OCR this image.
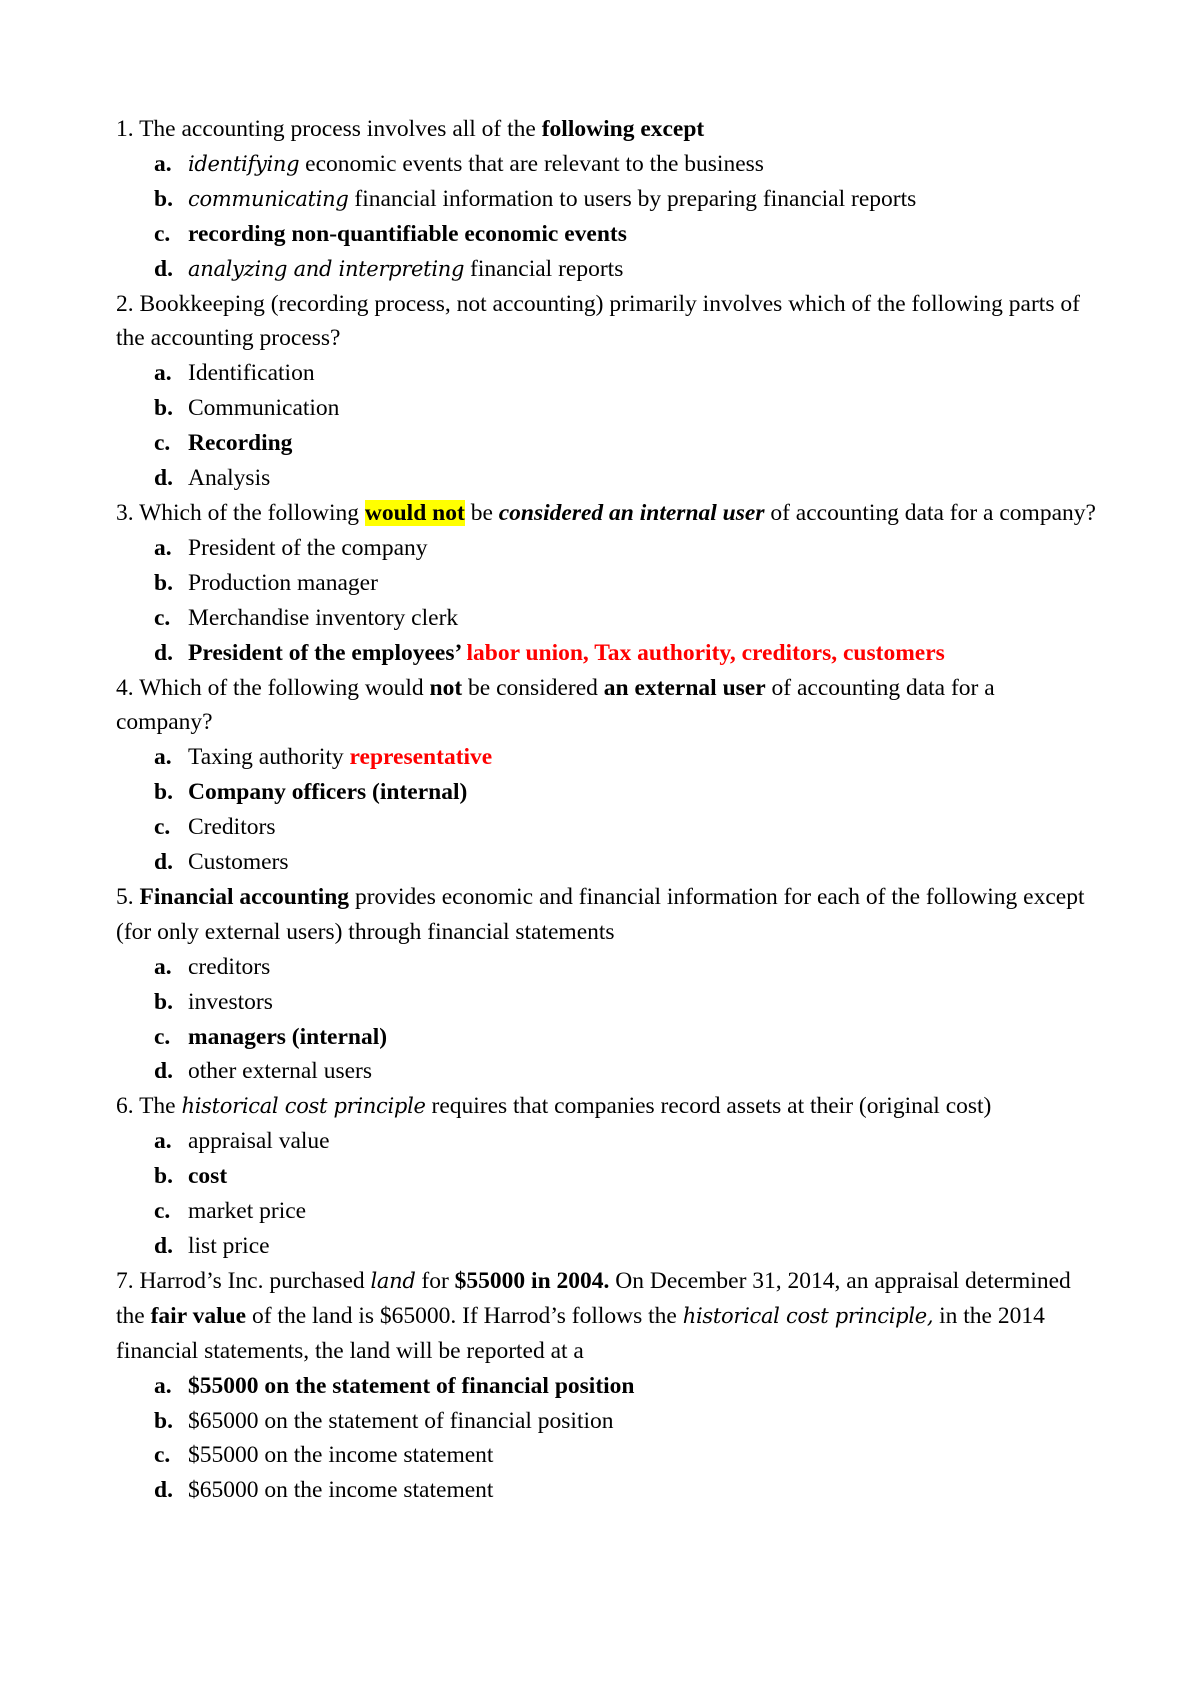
1. The accounting process involves all of the following except

a. identifying economic events that are relevant to the business

b. communicating financial information to users by preparing financial reports

c. recording non-quantifiable economic events

d. analyzing and interpreting financial reports

2. Bookkeeping (recording process, not accounting) primarily involves which of the following parts of the accounting process?

a. Identification

b. Communication

c. Recording

d. Analysis

3. Which of the following would not be considered an internal user of accounting data for a company?

a. President of the company

b. Production manager

c. Merchandise inventory clerk

d. President of the employees’ labor union, Tax authority, creditors, customers

4. Which of the following would not be considered an external user of accounting data for a company?

a. Taxing authority representative

b. Company officers (internal)

c. Creditors

d. Customers

5. Financial accounting provides economic and financial information for each of the following except (for only external users) through financial statements

a. creditors

b. investors

c. managers (internal)

d. other external users

6. The historical cost principle requires that companies record assets at their (original cost)

a. appraisal value

b. cost

c. market price

d. list price

7. Harrod’s Inc. purchased land for $55000 in 2004. On December 31, 2014, an appraisal determined the fair value of the land is $65000. If Harrod’s follows the historical cost principle, in the 2014 financial statements, the land will be reported at a

a. $55000 on the statement of financial position

b. $65000 on the statement of financial position

c. $55000 on the income statement

d. $65000 on the income statement
